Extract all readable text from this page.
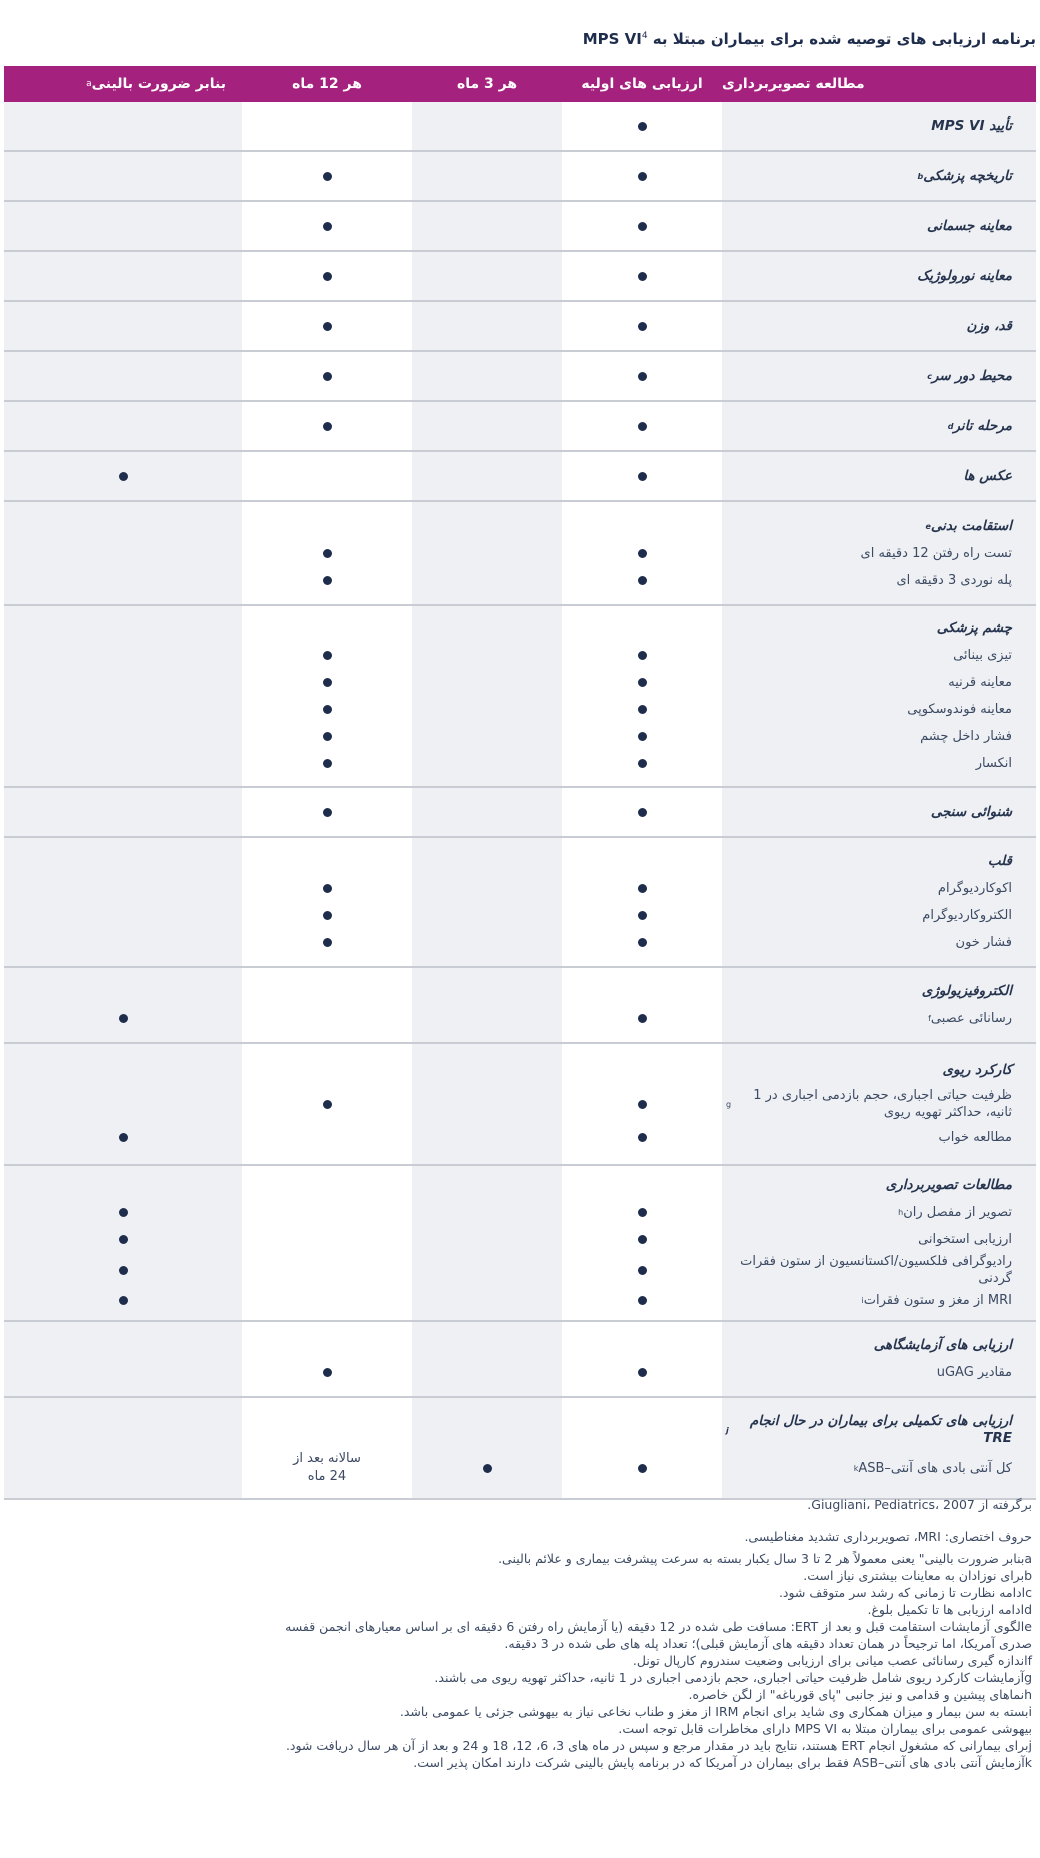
برنامه ارزیابی های توصیه شده برای بیماران مبتلا به MPS $VI^4$
مطالعه تصویربرداری
ارزیابی های اولیه
هر 3 ماه
هر 12 ماه
بنابر ضرورت بالینی
a
تأیید MPS VI
تاریخچه پزشکی
b
معاینه جسمانی
معاینه نورولوژیک
قد، وزن
محیط دور سر
c
مرحله تانر
d
عکس ها
استقامت بدنی
e
تست راه رفتن 12 دقیقه ای
پله نوردی 3 دقیقه ای
چشم پزشکی
تیزی بینائی
معاینه قرنیه
معاینه فوندوسکوپی
فشار داخل چشم
انکسار
شنوائی سنجی
قلب
اکوکاردیوگرام
الکتروکاردیوگرام
فشار خون
الکتروفیزیولوژی
رسانائی عصبی
f
کارکرد ریوی
ظرفیت حیاتی اجباری، حجم بازدمی اجباری در 1 ثانیه، حداکثر تهویه ریوی
g
مطالعه خواب
مطالعات تصویربرداری
تصویر از مفصل ران
h
ارزیابی استخوانی
رادیوگرافی فلکسیون/اکستانسیون از ستون فقرات گردنی
MRI از مغز و ستون فقرات
i
ارزیابی های آزمایشگاهی
مقادیر uGAG
ارزیابی های تکمیلی برای بیماران در حال انجام TRE
j
کل آنتی بادی های آنتی–ASB
k
سالانه بعد از 24 ماه

برگرفته از Giugliani، Pediatrics، 2007.

حروف اختصاری: MRI، تصویربرداری تشدید مغناطیسی.

aبنابر ضرورت بالینی" یعنی معمولاً هر 2 تا 3 سال یکبار بسته به سرعت پیشرفت بیماری و علائم بالینی.

bبرای نوزادان به معاینات بیشتری نیاز است.

cادامه نظارت تا زمانی که رشد سر متوقف شود.

dادامه ارزیابی ها تا تکمیل بلوغ.

eالگوی آزمایشات استقامت قبل و بعد از ERT: مسافت طی شده در 12 دقیقه (یا آزمایش راه رفتن 6 دقیقه ای بر اساس معیارهای انجمن قفسه

صدری آمریکا، اما ترجیحاً در همان تعداد دقیقه های آزمایش قبلی)؛ تعداد پله های طی شده در 3 دقیقه.

fاندازه گیری رسانائی عصب میانی برای ارزیابی وضعیت سندروم کارپال تونل.

gآزمایشات کارکرد ریوی شامل ظرفیت حیاتی اجباری، حجم بازدمی اجباری در 1 ثانیه، حداکثر تهویه ریوی می باشند.

hنماهای پیشین و قدامی و نیز جانبی "پای قورباغه" از لگن خاصره.

iبسته به سن بیمار و میزان همکاری وی شاید برای انجام IRM از مغز و طناب نخاعی نیاز به بیهوشی جزئی یا عمومی باشد.

بیهوشی عمومی برای بیماران مبتلا به MPS VI دارای مخاطرات قابل توجه است.

jبرای بیمارانی که مشغول انجام ERT هستند، نتایج باید در مقدار مرجع و سپس در ماه های 3، 6، 12، 18 و 24 و بعد از آن هر سال دریافت شود.

kآزمایش آنتی بادی های آنتی–ASB فقط برای بیماران در آمریکا که در برنامه پایش بالینی شرکت دارند امکان پذیر است.
